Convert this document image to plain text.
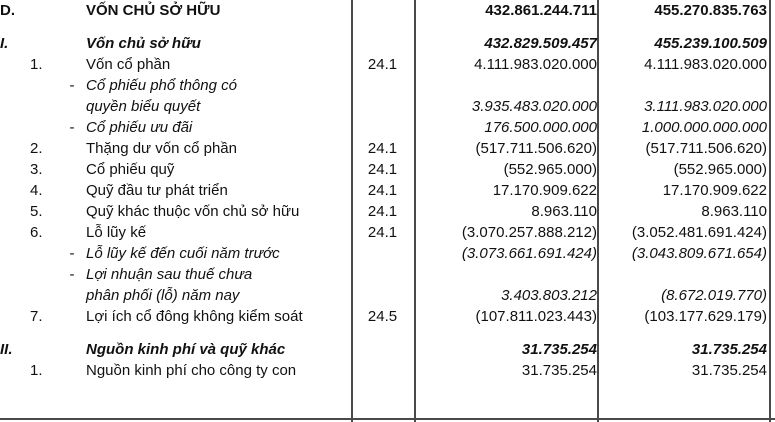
D.			VỐN CHỦ SỞ HỮU		432.861.244.711	455.270.835.763

I.			Vốn chủ sở hữu		432.829.509.457	455.239.100.509
	1.		Vốn cổ phần	24.1	4.111.983.020.000	4.111.983.020.000
		-	Cổ phiếu phổ thông có			
			quyền biểu quyết		3.935.483.020.000	3.111.983.020.000
		-	Cổ phiếu ưu đãi		176.500.000.000	1.000.000.000.000
	2.		Thặng dư vốn cổ phần	24.1	(517.711.506.620)	(517.711.506.620)
	3.		Cổ phiếu quỹ	24.1	(552.965.000)	(552.965.000)
	4.		Quỹ đầu tư phát triển	24.1	17.170.909.622	17.170.909.622
	5.		Quỹ khác thuộc vốn chủ sở hữu	24.1	8.963.110	8.963.110
	6.		Lỗ lũy kế	24.1	(3.070.257.888.212)	(3.052.481.691.424)
		-	Lỗ lũy kế đến cuối năm trước		(3.073.661.691.424)	(3.043.809.671.654)
		-	Lợi nhuận sau thuế chưa			
			phân phối (lỗ) năm nay		3.403.803.212	(8.672.019.770)
	7.		Lợi ích cổ đông không kiểm soát	24.5	(107.811.023.443)	(103.177.629.179)

II.			Nguồn kinh phí và quỹ khác		31.735.254	31.735.254
	1.		Nguồn kinh phí cho công ty con		31.735.254	31.735.254
